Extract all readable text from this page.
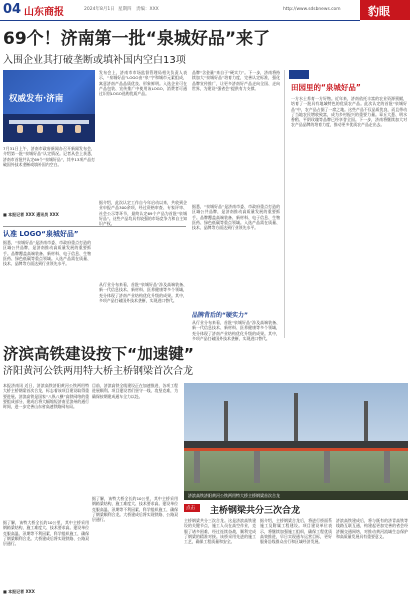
04 山东商报	2024年8月1日 星期四 责编：XXX	http://www.sdsbnews.com	豹眼
69个！济南第一批“泉城好品”来了
入围企业其打破垄断或填补国内空白13项
权威发布·济南
7月31日上午，济南市政府新闻办召开新闻发布会，介绍第一批“泉城好品”认定情况。记者从会上获悉，济南市首批共认定69个“泉城好品”，其中13项产品打破国外技术垄断或填补国内空白。
■ 本报记者 XXX 通讯员 XXX
认准 LOGO“泉城好品”
据悉，“泉城好品”是济南市委、市政府重点打造的区域公共品牌，是济南推动高质量发展的重要抓手。品牌覆盖高端装备、新材料、电子信息、生物医药、绿色低碳等重点领域。入选产品需在质量、技术、品牌等方面达到行业领先水平。
发布会上，济南市市场监督管理局相关负责人表示，“泉城好品”LOGO由“泉”字和城市元素组成，寓意济南产品品质优良、形象鲜明。入选企业可在产品包装、宣传推广中使用该LOGO，消费者可通过识别LOGO选购优质产品。
据介绍，此次认定工作自今年启动以来，共收到企业申报产品300余项，经过资格审查、专家评审、社会公示等环节，最终认定69个产品为首批“泉城好品”。这些产品均具有较强的市场竞争力和自主知识产权。
从行业分布来看，首批“泉城好品”涉及高端装备、新一代信息技术、新材料、医养健康等多个领域，充分体现了济南产业结构优化升级的成果。其中，多项产品打破国外技术垄断，实现进口替代。
品牌“含金量”来自于“硬实力”。下一步，济南将持续加大“泉城好品”培育力度，完善认定标准，强化品牌宣传推广，让更多济南好产品走向全国、走向世界，为建设“强省会”提供有力支撑。
品牌背后的“硬实力”
据悉，“泉城好品”是济南市委、市政府重点打造的区域公共品牌，是济南推动高质量发展的重要抓手。品牌覆盖高端装备、新材料、电子信息、生物医药、绿色低碳等重点领域。入选产品需在质量、技术、品牌等方面达到行业领先水平。
从行业分布来看，首批“泉城好品”涉及高端装备、新一代信息技术、新材料、医养健康等多个领域，充分体现了济南产业结构优化升级的成果。其中，多项产品打破国外技术垄断，实现进口替代。
田园里的“泉城好品”
一方水土养育一方好物。近年来，济南依托丰富的农业资源禀赋，培育了一批具有地域特色的优质农产品。此次认定的首批“泉城好品”中，农产品占据了一席之地。这些产品不仅品质优良，而且带动了当地农民增收致富，成为乡村振兴的重要力量。章丘大葱、明水香稻、平阴玫瑰等品牌已经享誉全国。下一步，济南将继续加大对农产品品牌的培育力度，推动更多优质农产品走出去。
济滨高铁建设按下“加速键”
济阳黄河公铁两用特大桥主桥钢梁首次合龙
本报济南讯 近日，济滨高铁济阳黄河公铁两用特大桥主桥钢梁首次合龙，标志着该项目建设取得重要进展。济滨高铁是国家“八纵八横”高铁网络的重要组成部分，建成后将大幅缩短济南至滨州的通行时间，进一步完善山东省高速铁路网布局。
据了解，该特大桥全长约10公里，其中主桥采用钢箱梁结构，施工难度大、技术要求高。建设单位克服高温、汛期等不利因素，科学组织施工，确保了钢梁顺利合龙。大桥建成后将实现铁路、公路双层通行。
目前，济滨高铁全线建设正在加速推进，各项工程进展顺利。项目建设者们坚守一线、攻坚克难，为确保按期建成通车全力以赴。
据了解，该特大桥全长约10公里，其中主桥采用钢箱梁结构，施工难度大、技术要求高。建设单位克服高温、汛期等不利因素，科学组织施工，确保了钢梁顺利合龙。大桥建成后将实现铁路、公路双层通行。
■ 本报记者 XXX
济滨高铁济阳黄河公铁两用特大桥主桥钢梁首次合龙
点击 主桥钢梁共分三次合龙
主桥钢梁共分三次合龙。这是济滨高铁建设的关键节点，施工人员在高空作业，克服了诸多困难，经过连续奋战，顺利完成了钢梁的精准对接。该桥采用先进的施工工艺，确保工程质量和安全。
据介绍，主桥钢梁合龙后，将进行桥面系施工及附属工程建设。项目建设单位表示，将继续加强施工组织，确保工程优质高效推进，早日实现通车运营目标，更好服务沿线群众出行和区域经济发展。
济滨高铁建成后，将与既有的济青高铁等线路互联互通，构建起更加完善的省会经济圈交通网络，对推动黄河流域生态保护和高质量发展具有重要意义。
